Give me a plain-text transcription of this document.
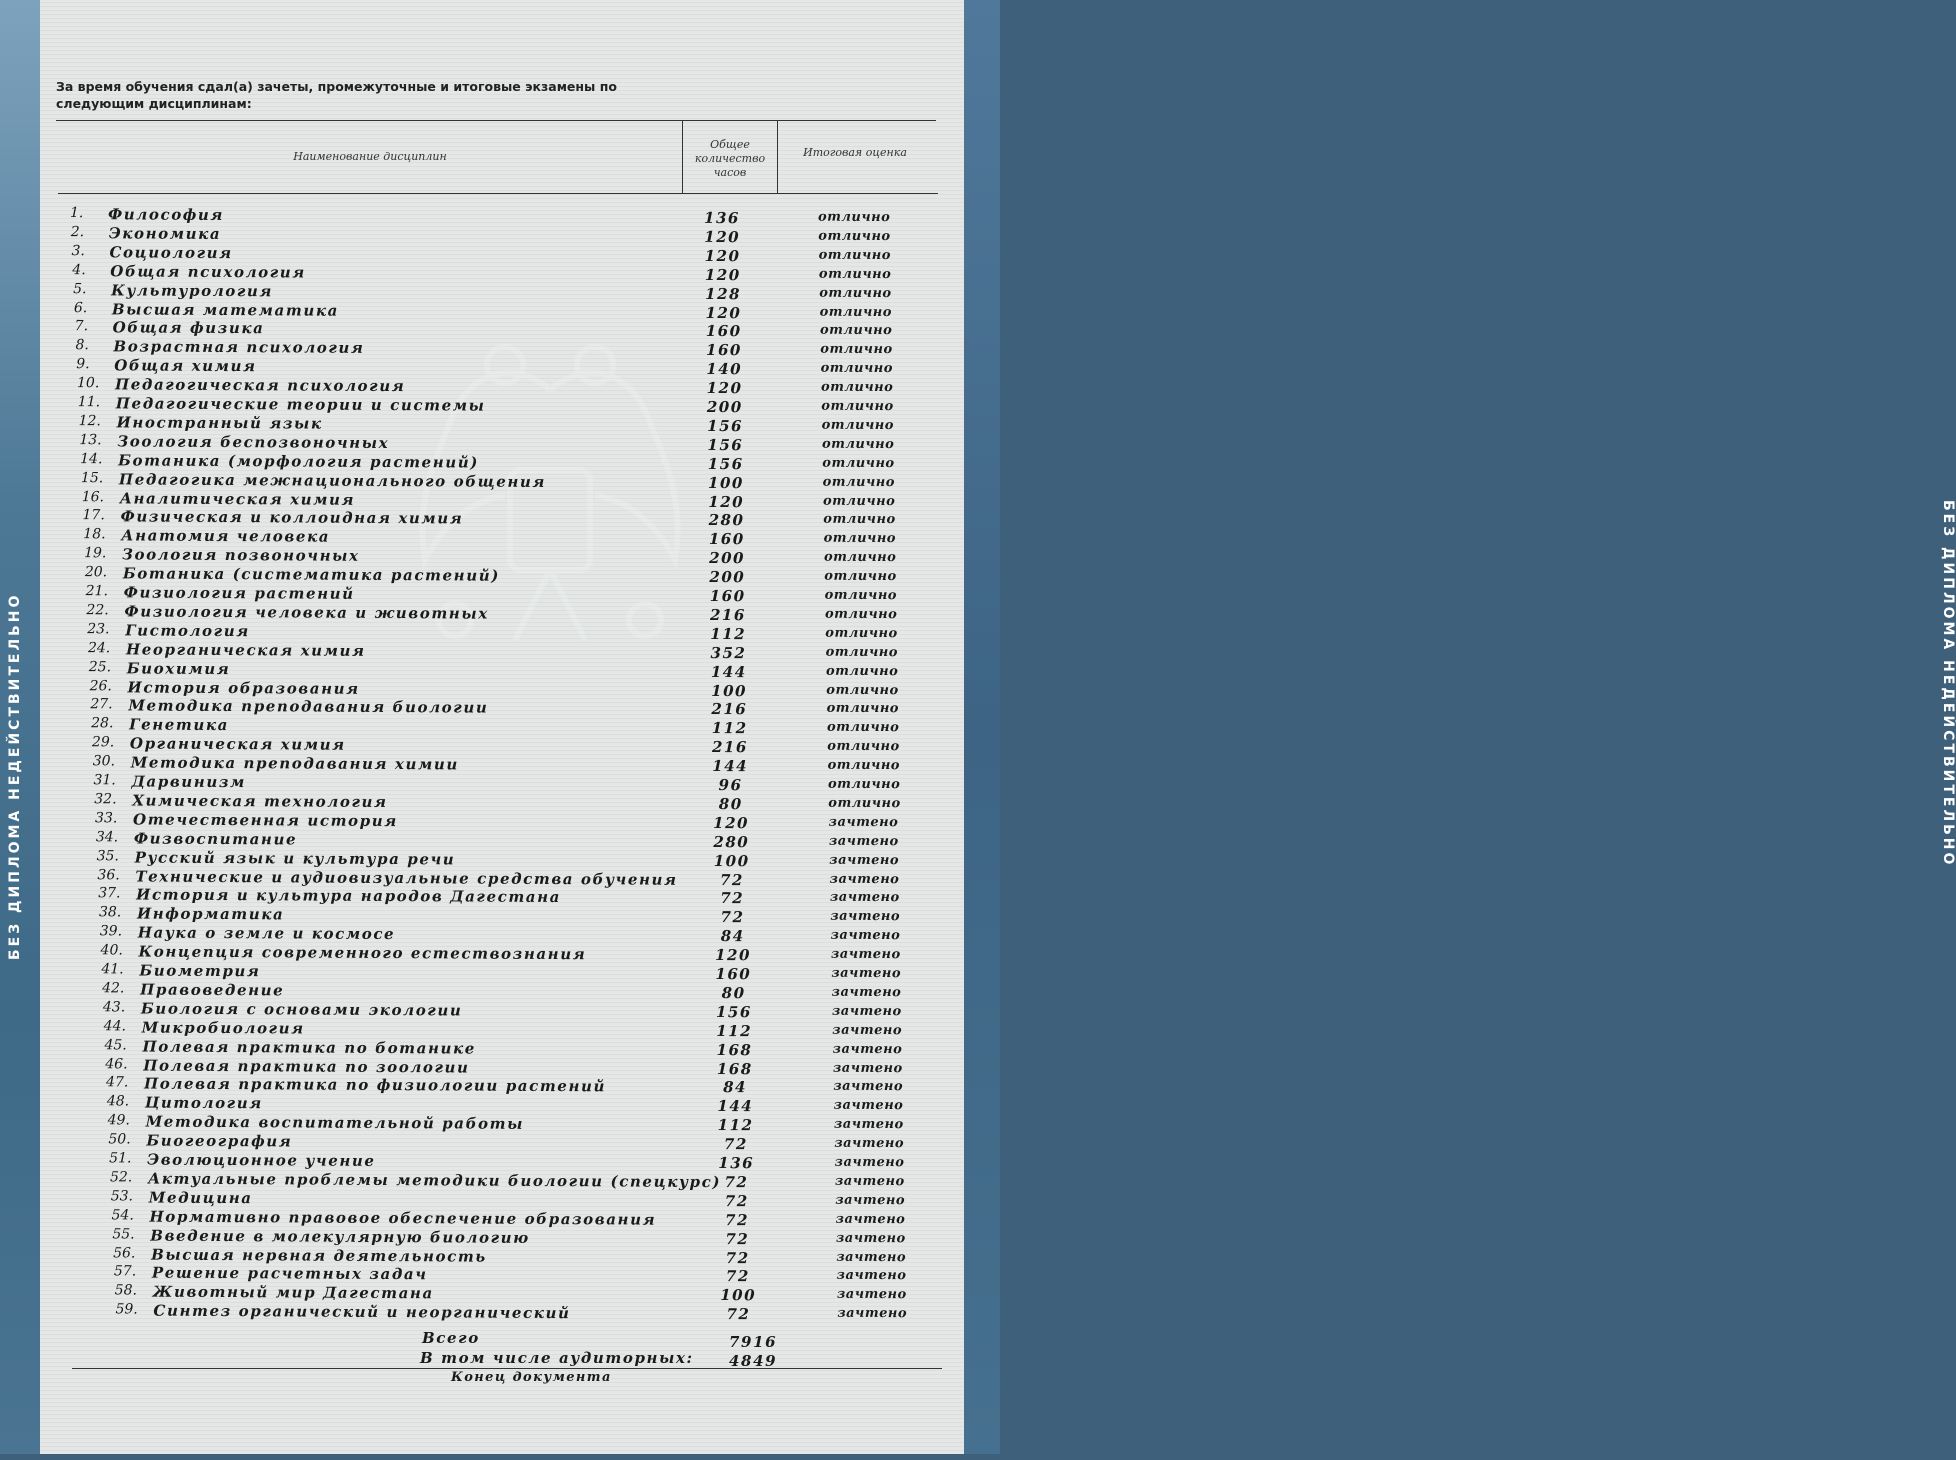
БЕЗ ДИПЛОМА НЕДЕЙСТВИТЕЛЬНО
За время обучения сдал(а) зачеты, промежуточные и итоговые экзамены по следующим дисциплинам:
Наименование дисциплин
Общее количество часов
Итоговая оценка
1.	Философия	136	отлично
2.	Экономика	120	отлично
3.	Социология	120	отлично
4.	Общая психология	120	отлично
5.	Культурология	128	отлично
6.	Высшая математика	120	отлично
7.	Общая физика	160	отлично
8.	Возрастная психология	160	отлично
9.	Общая химия	140	отлично
10.	Педагогическая психология	120	отлично
11.	Педагогические теории и системы	200	отлично
12.	Иностранный язык	156	отлично
13.	Зоология беспозвоночных	156	отлично
14.	Ботаника (морфология растений)	156	отлично
15.	Педагогика межнационального общения	100	отлично
16.	Аналитическая химия	120	отлично
17.	Физическая и коллоидная химия	280	отлично
18.	Анатомия человека	160	отлично
19.	Зоология позвоночных	200	отлично
20.	Ботаника (систематика растений)	200	отлично
21.	Физиология растений	160	отлично
22.	Физиология человека и животных	216	отлично
23.	Гистология	112	отлично
24.	Неорганическая химия	352	отлично
25.	Биохимия	144	отлично
26.	История образования	100	отлично
27.	Методика преподавания биологии	216	отлично
28.	Генетика	112	отлично
29.	Органическая химия	216	отлично
30.	Методика преподавания химии	144	отлично
31.	Дарвинизм	96	отлично
32.	Химическая технология	80	отлично
33.	Отечественная история	120	зачтено
34.	Физвоспитание	280	зачтено
35.	Русский язык и культура речи	100	зачтено
36.	Технические и аудиовизуальные средства обучения	72	зачтено
37.	История и культура народов Дагестана	72	зачтено
38.	Информатика	72	зачтено
39.	Наука о земле и космосе	84	зачтено
40.	Концепция современного естествознания	120	зачтено
41.	Биометрия	160	зачтено
42.	Правоведение	80	зачтено
43.	Биология с основами экологии	156	зачтено
44.	Микробиология	112	зачтено
45.	Полевая практика по ботанике	168	зачтено
46.	Полевая практика по зоологии	168	зачтено
47.	Полевая практика по физиологии растений	84	зачтено
48.	Цитология	144	зачтено
49.	Методика воспитательной работы	112	зачтено
50.	Биогеография	72	зачтено
51.	Эволюционное учение	136	зачтено
52.	Актуальные проблемы методики биологии (спецкурс) 72	зачтено
53.	Медицина	72	зачтено
54.	Нормативно правовое обеспечение образования	72	зачтено
55.	Введение в молекулярную биологию	72	зачтено
56.	Высшая нервная деятельность	72	зачтено
57.	Решение расчетных задач	72	зачтено
58.	Животный мир Дагестана	100	зачтено
59.	Синтез органический и неорганический	72	зачтено
Всего	7916
В том числе аудиторных: 4849
Конец документа
БЕЗ ДИПЛОМА НЕДЕЙСТВИТЕЛЬНО
